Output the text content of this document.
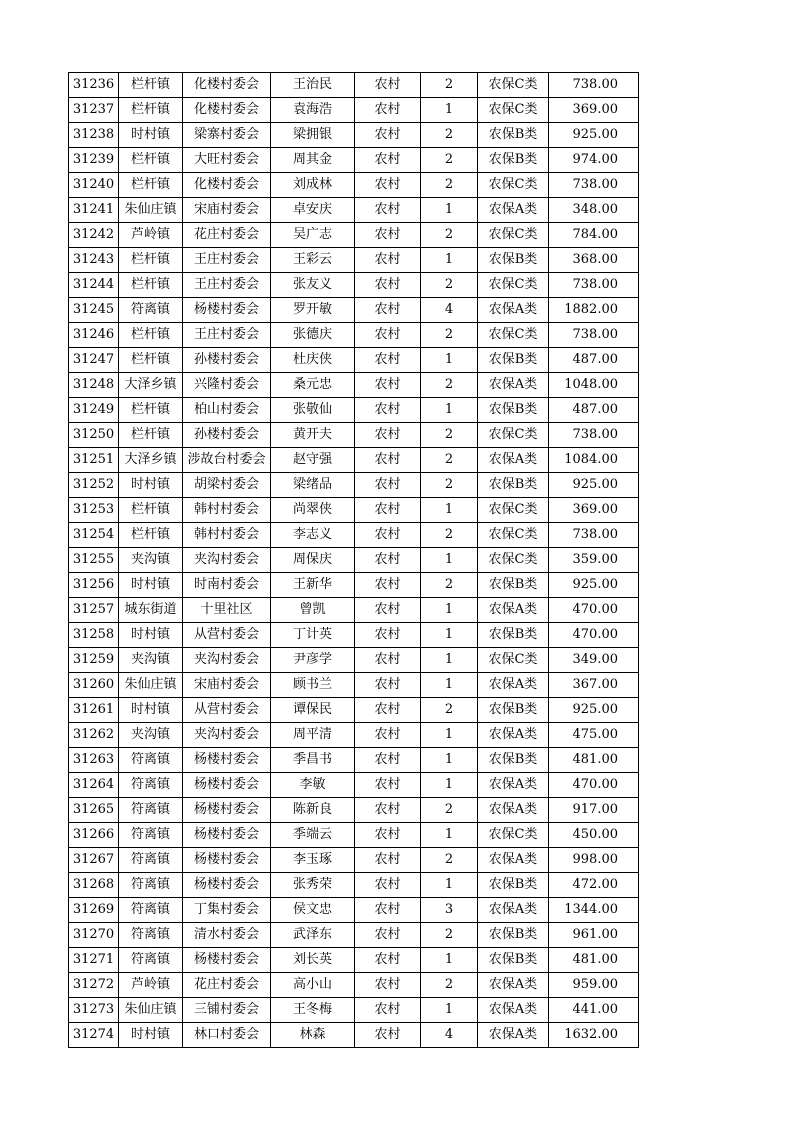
31236	栏杆镇	化楼村委会	王治民	农村	2	农保C类	738.00
31237	栏杆镇	化楼村委会	袁海浩	农村	1	农保C类	369.00
31238	时村镇	梁寨村委会	梁拥银	农村	2	农保B类	925.00
31239	栏杆镇	大旺村委会	周其金	农村	2	农保B类	974.00
31240	栏杆镇	化楼村委会	刘成林	农村	2	农保C类	738.00
31241	朱仙庄镇	宋庙村委会	卓安庆	农村	1	农保A类	348.00
31242	芦岭镇	花庄村委会	吴广志	农村	2	农保C类	784.00
31243	栏杆镇	王庄村委会	王彩云	农村	1	农保B类	368.00
31244	栏杆镇	王庄村委会	张友义	农村	2	农保C类	738.00
31245	符离镇	杨楼村委会	罗开敏	农村	4	农保A类	1882.00
31246	栏杆镇	王庄村委会	张德庆	农村	2	农保C类	738.00
31247	栏杆镇	孙楼村委会	杜庆侠	农村	1	农保B类	487.00
31248	大泽乡镇	兴隆村委会	桑元忠	农村	2	农保A类	1048.00
31249	栏杆镇	柏山村委会	张敬仙	农村	1	农保B类	487.00
31250	栏杆镇	孙楼村委会	黄开夫	农村	2	农保C类	738.00
31251	大泽乡镇	涉故台村委会	赵守强	农村	2	农保A类	1084.00
31252	时村镇	胡梁村委会	梁绪品	农村	2	农保B类	925.00
31253	栏杆镇	韩村村委会	尚翠侠	农村	1	农保C类	369.00
31254	栏杆镇	韩村村委会	李志义	农村	2	农保C类	738.00
31255	夹沟镇	夹沟村委会	周保庆	农村	1	农保C类	359.00
31256	时村镇	时南村委会	王新华	农村	2	农保B类	925.00
31257	城东街道	十里社区	曾凯	农村	1	农保A类	470.00
31258	时村镇	从营村委会	丁计英	农村	1	农保B类	470.00
31259	夹沟镇	夹沟村委会	尹彦学	农村	1	农保C类	349.00
31260	朱仙庄镇	宋庙村委会	顾书兰	农村	1	农保A类	367.00
31261	时村镇	从营村委会	谭保民	农村	2	农保B类	925.00
31262	夹沟镇	夹沟村委会	周平清	农村	1	农保A类	475.00
31263	符离镇	杨楼村委会	季昌书	农村	1	农保B类	481.00
31264	符离镇	杨楼村委会	李敏	农村	1	农保A类	470.00
31265	符离镇	杨楼村委会	陈新良	农村	2	农保A类	917.00
31266	符离镇	杨楼村委会	季端云	农村	1	农保C类	450.00
31267	符离镇	杨楼村委会	李玉琢	农村	2	农保A类	998.00
31268	符离镇	杨楼村委会	张秀荣	农村	1	农保B类	472.00
31269	符离镇	丁集村委会	侯文忠	农村	3	农保A类	1344.00
31270	符离镇	清水村委会	武泽东	农村	2	农保B类	961.00
31271	符离镇	杨楼村委会	刘长英	农村	1	农保B类	481.00
31272	芦岭镇	花庄村委会	高小山	农村	2	农保A类	959.00
31273	朱仙庄镇	三铺村委会	王冬梅	农村	1	农保A类	441.00
31274	时村镇	林口村委会	林森	农村	4	农保A类	1632.00
